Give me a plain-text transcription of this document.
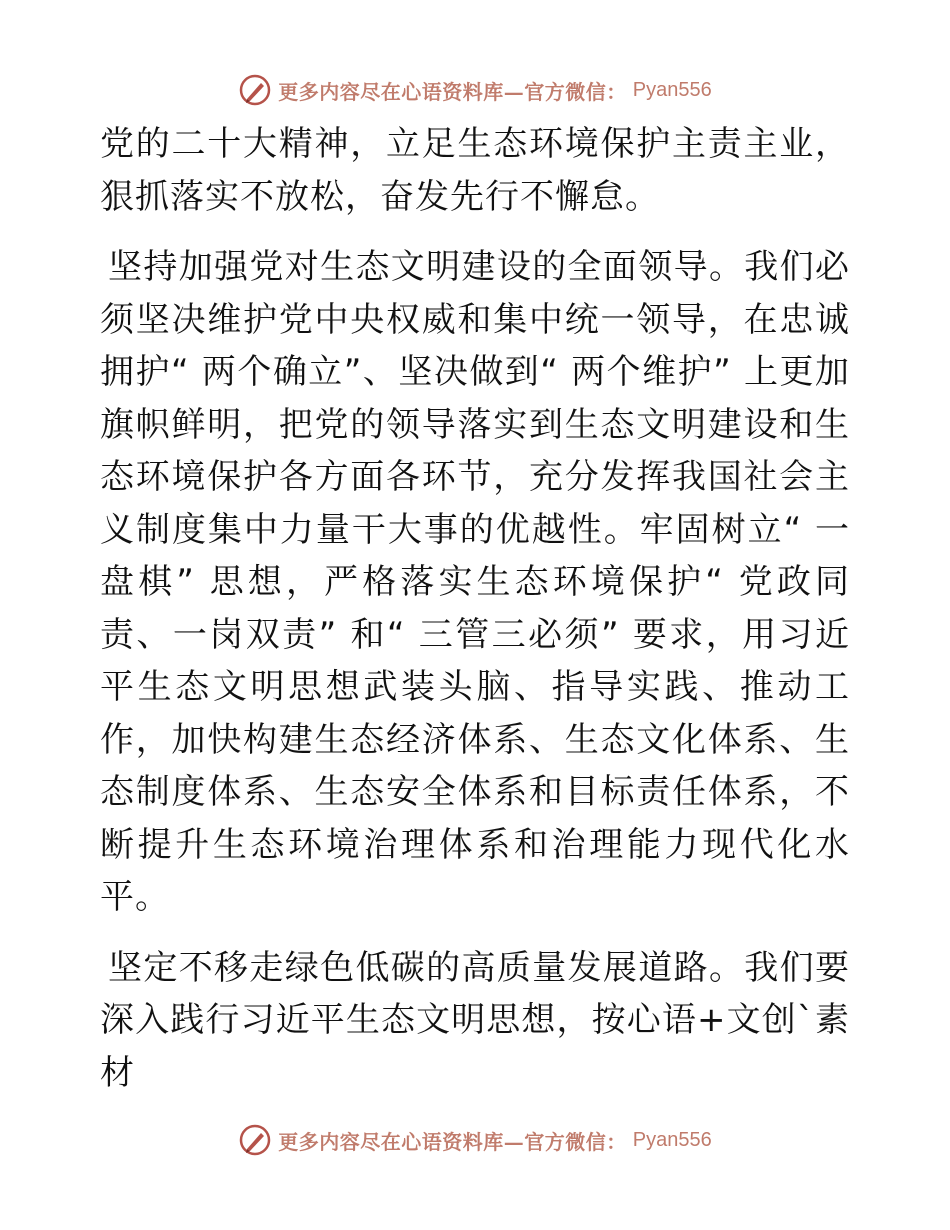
更多内容尽在心语资料库—官方微信： Pyan556

党的二十大精神，立足生态环境保护主责主业，狠抓落实不放松，奋发先行不懈怠。

坚持加强党对生态文明建设的全面领导。我们必须坚决维护党中央权威和集中统一领导，在忠诚拥护“ 两个确立”、坚决做到“ 两个维护” 上更加旗帜鲜明，把党的领导落实到生态文明建设和生态环境保护各方面各环节，充分发挥我国社会主义制度集中力量干大事的优越性。牢固树立“ 一盘棋” 思想，严格落实生态环境保护“ 党政同责、一岗双责” 和“ 三管三必须” 要求，用习近平生态文明思想武装头脑、指导实践、推动工作，加快构建生态经济体系、生态文化体系、生态制度体系、生态安全体系和目标责任体系，不断提升生态环境治理体系和治理能力现代化水平。

坚定不移走绿色低碳的高质量发展道路。我们要深入践行习近平生态文明思想，按心语+文创`素材

更多内容尽在心语资料库—官方微信： Pyan556
